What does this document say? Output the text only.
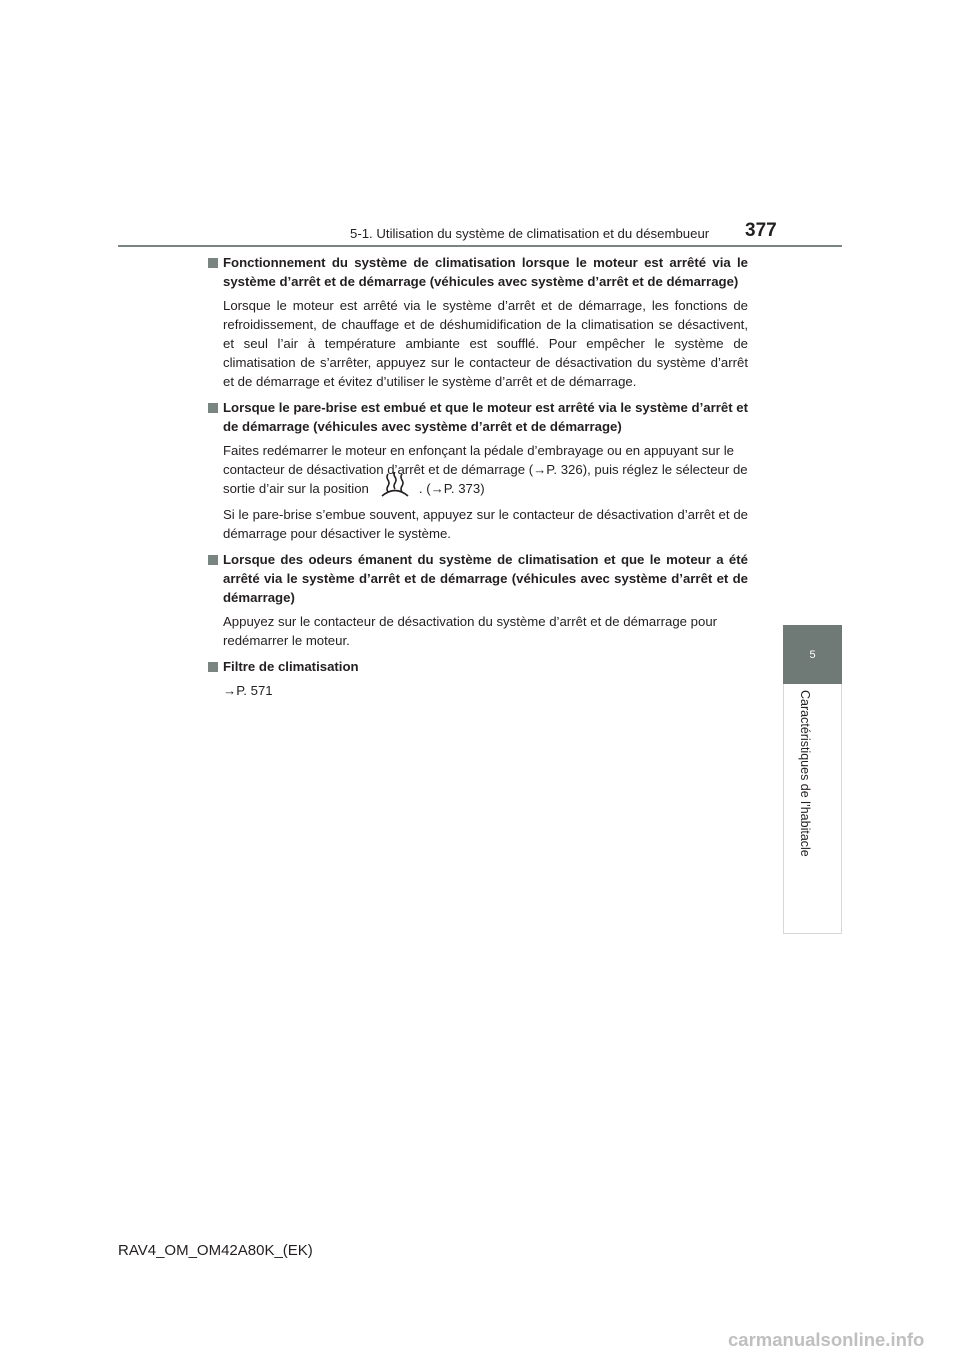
5-1. Utilisation du système de climatisation et du désembueur	377
5
Caractéristiques de l’habitacle
Fonctionnement du système de climatisation lorsque le moteur est arrêté via le système d’arrêt et de démarrage (véhicules avec système d’arrêt et de démarrage)
Lorsque le moteur est arrêté via le système d’arrêt et de démarrage, les fonctions de refroidissement, de chauffage et de déshumidification de la climatisation se désactivent, et seul l’air à température ambiante est soufflé. Pour empêcher le système de climatisation de s’arrêter, appuyez sur le contacteur de désactivation du système d’arrêt et de démarrage et évitez d’utiliser le système d’arrêt et de démarrage.
Lorsque le pare-brise est embué et que le moteur est arrêté via le système d’arrêt et de démarrage (véhicules avec système d’arrêt et de démarrage)
Faites redémarrer le moteur en enfonçant la pédale d’embrayage ou en appuyant sur le contacteur de désactivation d’arrêt et de démarrage (→P. 326), puis réglez le sélecteur de sortie d’air sur la position	. (→P. 373)
Si le pare-brise s’embue souvent, appuyez sur le contacteur de désactivation d’arrêt et de démarrage pour désactiver le système.
Lorsque des odeurs émanent du système de climatisation et que le moteur a été arrêté via le système d’arrêt et de démarrage (véhicules avec système d’arrêt et de démarrage)
Appuyez sur le contacteur de désactivation du système d’arrêt et de démarrage pour redémarrer le moteur.
Filtre de climatisation
→P. 571
RAV4_OM_OM42A80K_(EK)
carmanualsonline.info
